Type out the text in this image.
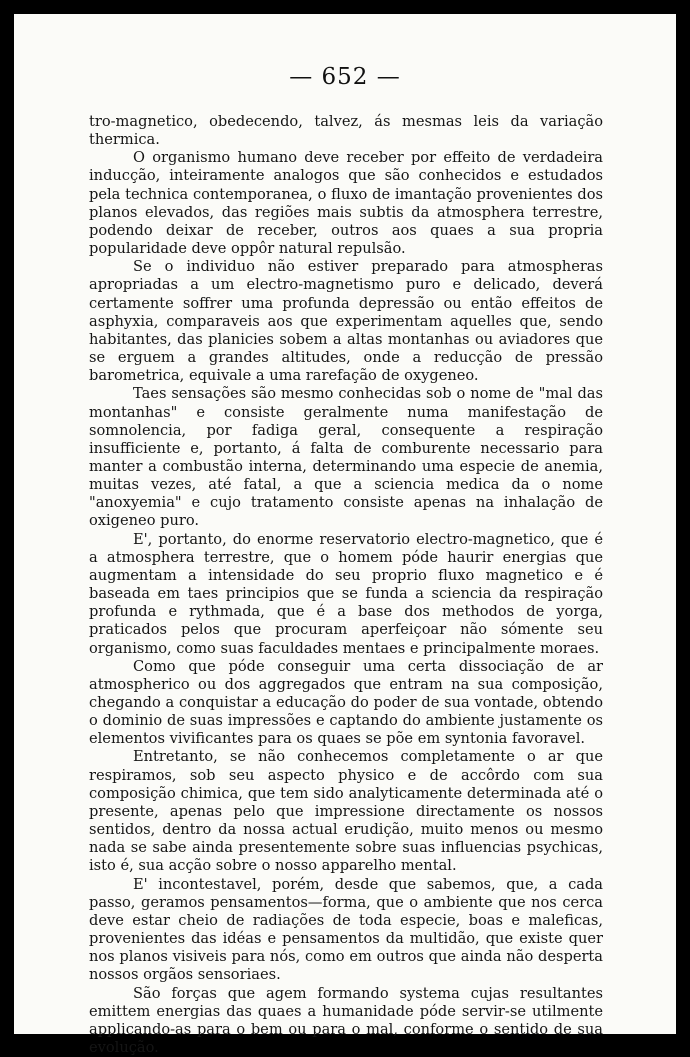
— 652 —

tro-magnetico, obedecendo, talvez, ás mesmas leis da variação thermica.

O organismo humano deve receber por effeito de verdadeira inducção, inteiramente analogos que são conhecidos e estudados pela technica contemporanea, o fluxo de imantação provenientes dos planos elevados, das regiões mais subtis da atmosphera terrestre, podendo deixar de receber, outros aos quaes a sua propria popularidade deve oppôr natural repulsão.

Se o individuo não estiver preparado para atmospheras apropriadas a um electro-magnetismo puro e delicado, deverá certamente soffrer uma profunda depressão ou então effeitos de asphyxia, comparaveis aos que experimentam aquelles que, sendo habitantes, das planicies sobem a altas montanhas ou aviadores que se erguem a grandes altitudes, onde a reducção de pressão barometrica, equivale a uma rarefação de oxygeneo.

Taes sensações são mesmo conhecidas sob o nome de "mal das montanhas" e consiste geralmente numa manifestação de somnolencia, por fadiga geral, consequente a respiração insufficiente e, portanto, á falta de comburente necessario para manter a combustão interna, determinando uma especie de anemia, muitas vezes, até fatal, a que a sciencia medica da o nome "anoxyemia" e cujo tratamento consiste apenas na inhalação de oxigeneo puro.

E', portanto, do enorme reservatorio electro-magnetico, que é a atmosphera terrestre, que o homem póde haurir energias que augmentam a intensidade do seu proprio fluxo magnetico e é baseada em taes principios que se funda a sciencia da respiração profunda e rythmada, que é a base dos methodos de yorga, praticados pelos que procuram aperfeiçoar não sómente seu organismo, como suas faculdades mentaes e principalmente moraes.

Como que póde conseguir uma certa dissociação de ar atmospherico ou dos aggregados que entram na sua composição, chegando a conquistar a educação do poder de sua vontade, obtendo o dominio de suas impressões e captando do ambiente justamente os elementos vivificantes para os quaes se põe em syntonia favoravel.

Entretanto, se não conhecemos completamente o ar que respiramos, sob seu aspecto physico e de accôrdo com sua composição chimica, que tem sido analyticamente determinada até o presente, apenas pelo que impressione directamente os nossos sentidos, dentro da nossa actual erudição, muito menos ou mesmo nada se sabe ainda presentemente sobre suas influencias psychicas, isto é, sua acção sobre o nosso apparelho mental.

E' incontestavel, porém, desde que sabemos, que, a cada passo, geramos pensamentos—forma, que o ambiente que nos cerca deve estar cheio de radiações de toda especie, boas e maleficas, provenientes das idéas e pensamentos da multidão, que existe quer nos planos visiveis para nós, como em outros que ainda não desperta nossos orgãos sensoriaes.

São forças que agem formando systema cujas resultantes emittem energias das quaes a humanidade póde servir-se utilmente applicando-as para o bem ou para o mal, conforme o sentido de sua evolução.
